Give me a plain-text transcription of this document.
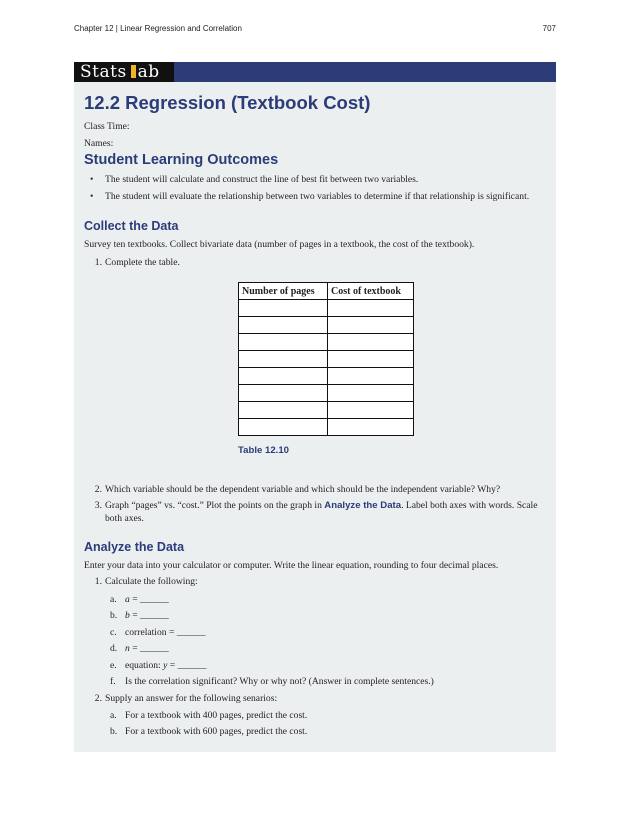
Chapter 12 | Linear Regression and Correlation	707
Stats ab
12.2 Regression (Textbook Cost)
Class Time:
Names:
Student Learning Outcomes
• The student will calculate and construct the line of best fit between two variables.
• The student will evaluate the relationship between two variables to determine if that relationship is significant.
Collect the Data
Survey ten textbooks. Collect bivariate data (number of pages in a textbook, the cost of the textbook).
1. Complete the table.
Number of pages	Cost of textbook

Table 12.10
2. Which variable should be the dependent variable and which should be the independent variable? Why?
3. Graph “pages” vs. “cost.” Plot the points on the graph in Analyze the Data. Label both axes with words. Scale both axes.
Analyze the Data
Enter your data into your calculator or computer. Write the linear equation, rounding to four decimal places.
1. Calculate the following:
a. a = ______
b. b = ______
c. correlation = ______
d. n = ______
e. equation: y = ______
f. Is the correlation significant? Why or why not? (Answer in complete sentences.)
2. Supply an answer for the following senarios:
a. For a textbook with 400 pages, predict the cost.
b. For a textbook with 600 pages, predict the cost.
